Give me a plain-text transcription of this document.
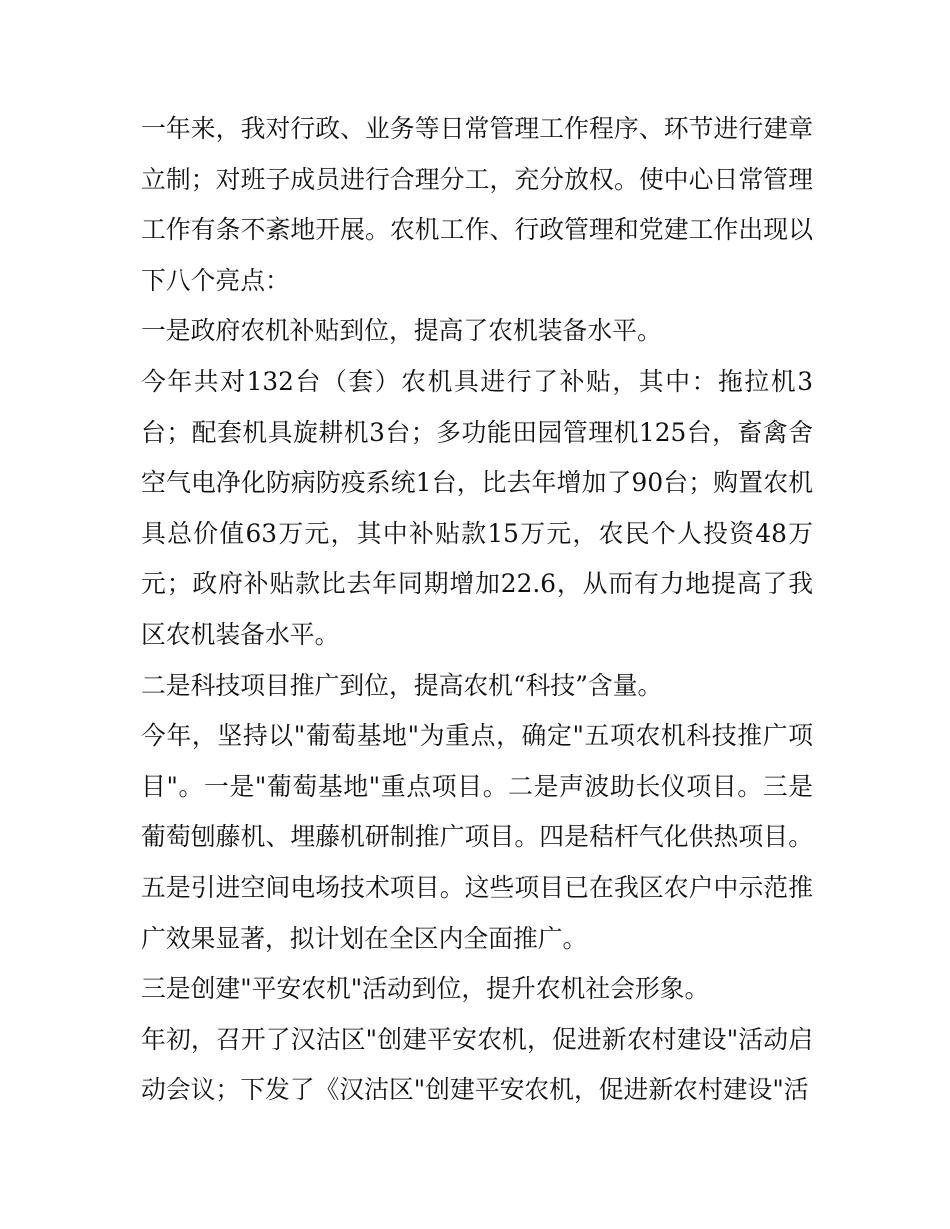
一年来，我对行政、业务等日常管理工作程序、环节进行建章立制；对班子成员进行合理分工，充分放权。使中心日常管理工作有条不紊地开展。农机工作、行政管理和党建工作出现以下八个亮点：

一是政府农机补贴到位，提高了农机装备水平。

今年共对132台（套）农机具进行了补贴，其中：拖拉机3台；配套机具旋耕机3台；多功能田园管理机125台，畜禽舍空气电净化防病防疫系统1台，比去年增加了90台；购置农机具总价值63万元，其中补贴款15万元，农民个人投资48万元；政府补贴款比去年同期增加22.6，从而有力地提高了我区农机装备水平。

二是科技项目推广到位，提高农机“科技”含量。

今年，坚持以"葡萄基地"为重点，确定"五项农机科技推广项目"。一是"葡萄基地"重点项目。二是声波助长仪项目。三是葡萄刨藤机、埋藤机研制推广项目。四是秸杆气化供热项目。五是引进空间电场技术项目。这些项目已在我区农户中示范推广效果显著，拟计划在全区内全面推广。

三是创建"平安农机"活动到位，提升农机社会形象。

年初，召开了汉沽区"创建平安农机，促进新农村建设"活动启动会议；下发了《汉沽区"创建平安农机，促进新农村建设"活
